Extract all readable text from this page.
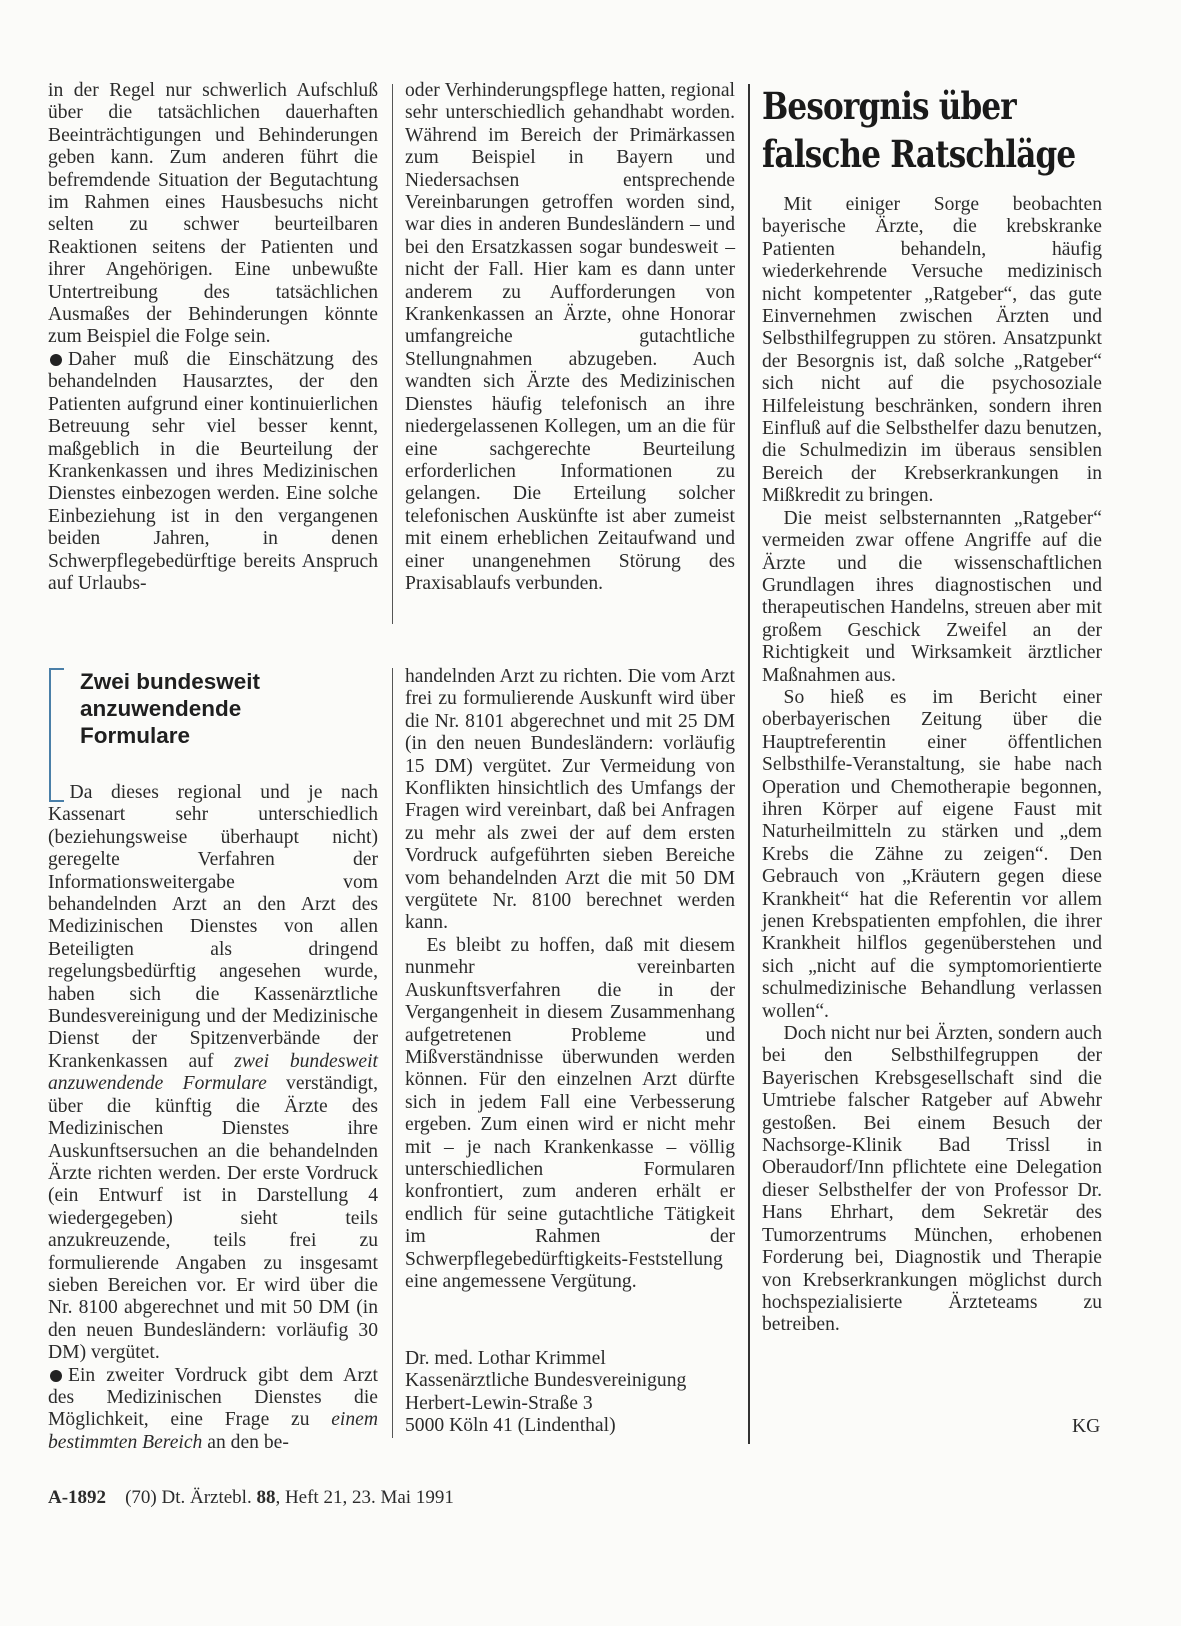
in der Regel nur schwerlich Aufschluß über die tatsächlichen dauerhaften Beeinträchtigungen und Behinderungen geben kann. Zum anderen führt die befremdende Situation der Begutachtung im Rahmen eines Hausbesuchs nicht selten zu schwer beurteilbaren Reaktionen seitens der Patienten und ihrer Angehörigen. Eine unbewußte Untertreibung des tatsächlichen Ausmaßes der Behinderungen könnte zum Beispiel die Folge sein.

Daher muß die Einschätzung des behandelnden Hausarztes, der den Patienten aufgrund einer kontinuierlichen Betreuung sehr viel besser kennt, maßgeblich in die Beurteilung der Krankenkassen und ihres Medizinischen Dienstes einbezogen werden. Eine solche Einbeziehung ist in den vergangenen beiden Jahren, in denen Schwerpflegebedürftige bereits Anspruch auf Urlaubs-

oder Verhinderungspflege hatten, regional sehr unterschiedlich gehandhabt worden. Während im Bereich der Primärkassen zum Beispiel in Bayern und Niedersachsen entsprechende Vereinbarungen getroffen worden sind, war dies in anderen Bundesländern – und bei den Ersatzkassen sogar bundesweit – nicht der Fall. Hier kam es dann unter anderem zu Aufforderungen von Krankenkassen an Ärzte, ohne Honorar umfangreiche gutachtliche Stellungnahmen abzugeben. Auch wandten sich Ärzte des Medizinischen Dienstes häufig telefonisch an ihre niedergelassenen Kollegen, um an die für eine sachgerechte Beurteilung erforderlichen Informationen zu gelangen. Die Erteilung solcher telefonischen Auskünfte ist aber zumeist mit einem erheblichen Zeitaufwand und einer unangenehmen Störung des Praxisablaufs verbunden.

Zwei bundesweit
anzuwendende
Formulare

Da dieses regional und je nach Kassenart sehr unterschiedlich (beziehungsweise überhaupt nicht) geregelte Verfahren der Informationsweitergabe vom behandelnden Arzt an den Arzt des Medizinischen Dienstes von allen Beteiligten als dringend regelungsbedürftig angesehen wurde, haben sich die Kassenärztliche Bundesvereinigung und der Medizinische Dienst der Spitzenverbände der Krankenkassen auf zwei bundesweit anzuwendende Formulare verständigt, über die künftig die Ärzte des Medizinischen Dienstes ihre Auskunftsersuchen an die behandelnden Ärzte richten werden. Der erste Vordruck (ein Entwurf ist in Darstellung 4 wiedergegeben) sieht teils anzukreuzende, teils frei zu formulierende Angaben zu insgesamt sieben Bereichen vor. Er wird über die Nr. 8100 abgerechnet und mit 50 DM (in den neuen Bundesländern: vorläufig 30 DM) vergütet.

Ein zweiter Vordruck gibt dem Arzt des Medizinischen Dienstes die Möglichkeit, eine Frage zu einem bestimmten Bereich an den be-

handelnden Arzt zu richten. Die vom Arzt frei zu formulierende Auskunft wird über die Nr. 8101 abgerechnet und mit 25 DM (in den neuen Bundesländern: vorläufig 15 DM) vergütet. Zur Vermeidung von Konflikten hinsichtlich des Umfangs der Fragen wird vereinbart, daß bei Anfragen zu mehr als zwei der auf dem ersten Vordruck aufgeführten sieben Bereiche vom behandelnden Arzt die mit 50 DM vergütete Nr. 8100 berechnet werden kann.

Es bleibt zu hoffen, daß mit diesem nunmehr vereinbarten Auskunftsverfahren die in der Vergangenheit in diesem Zusammenhang aufgetretenen Probleme und Mißverständnisse überwunden werden können. Für den einzelnen Arzt dürfte sich in jedem Fall eine Verbesserung ergeben. Zum einen wird er nicht mehr mit – je nach Krankenkasse – völlig unterschiedlichen Formularen konfrontiert, zum anderen erhält er endlich für seine gutachtliche Tätigkeit im Rahmen der Schwerpflegebedürftigkeits-Feststellung eine angemessene Vergütung.

Dr. med. Lothar Krimmel
Kassenärztliche Bundesvereinigung
Herbert-Lewin-Straße 3
5000 Köln 41 (Lindenthal)
Besorgnis über
falsche Ratschläge

Mit einiger Sorge beobachten bayerische Ärzte, die krebskranke Patienten behandeln, häufig wiederkehrende Versuche medizinisch nicht kompetenter „Ratgeber“, das gute Einvernehmen zwischen Ärzten und Selbsthilfegruppen zu stören. Ansatzpunkt der Besorgnis ist, daß solche „Ratgeber“ sich nicht auf die psychosoziale Hilfeleistung beschränken, sondern ihren Einfluß auf die Selbsthelfer dazu benutzen, die Schulmedizin im überaus sensiblen Bereich der Krebserkrankungen in Mißkredit zu bringen.

Die meist selbsternannten „Ratgeber“ vermeiden zwar offene Angriffe auf die Ärzte und die wissenschaftlichen Grundlagen ihres diagnostischen und therapeutischen Handelns, streuen aber mit großem Geschick Zweifel an der Richtigkeit und Wirksamkeit ärztlicher Maßnahmen aus.

So hieß es im Bericht einer oberbayerischen Zeitung über die Hauptreferentin einer öffentlichen Selbsthilfe-Veranstaltung, sie habe nach Operation und Chemotherapie begonnen, ihren Körper auf eigene Faust mit Naturheilmitteln zu stärken und „dem Krebs die Zähne zu zeigen“. Den Gebrauch von „Kräutern gegen diese Krankheit“ hat die Referentin vor allem jenen Krebspatienten empfohlen, die ihrer Krankheit hilflos gegenüberstehen und sich „nicht auf die symptomorientierte schulmedizinische Behandlung verlassen wollen“.

Doch nicht nur bei Ärzten, sondern auch bei den Selbsthilfegruppen der Bayerischen Krebsgesellschaft sind die Umtriebe falscher Ratgeber auf Abwehr gestoßen. Bei einem Besuch der Nachsorge-Klinik Bad Trissl in Oberaudorf/Inn pflichtete eine Delegation dieser Selbsthelfer der von Professor Dr. Hans Ehrhart, dem Sekretär des Tumorzentrums München, erhobenen Forderung bei, Diagnostik und Therapie von Krebserkrankungen möglichst durch hochspezialisierte Ärzteteams zu betreiben.

KG
A-1892 (70) Dt. Ärztebl. 88, Heft 21, 23. Mai 1991
